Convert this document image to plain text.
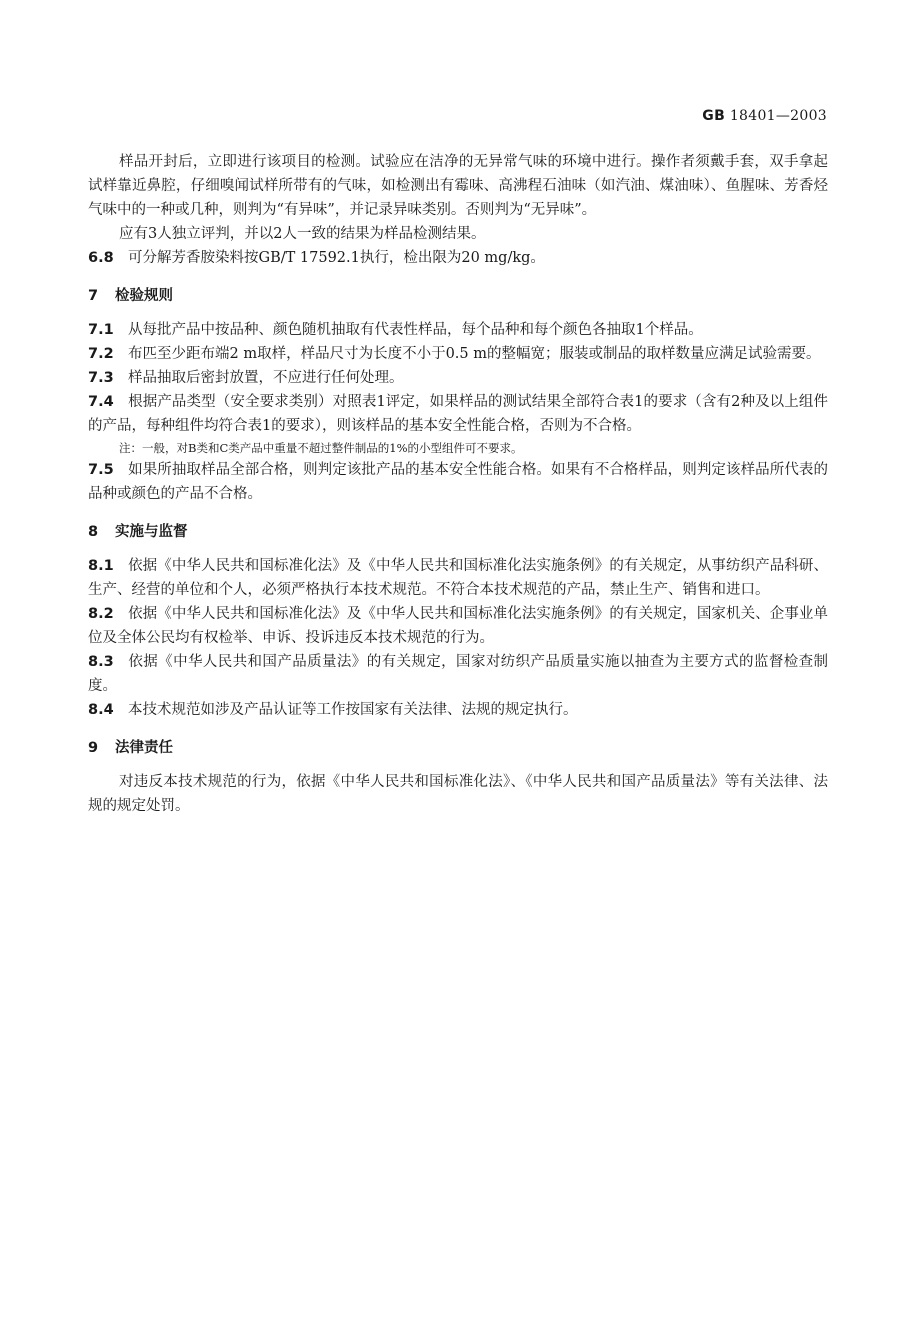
GB 18401—2003

样品开封后，立即进行该项目的检测。试验应在洁净的无异常气味的环境中进行。操作者须戴手套，双手拿起试样靠近鼻腔，仔细嗅闻试样所带有的气味，如检测出有霉味、高沸程石油味（如汽油、煤油味）、鱼腥味、芳香烃气味中的一种或几种，则判为“有异味”，并记录异味类别。否则判为“无异味”。

应有3人独立评判，并以2人一致的结果为样品检测结果。

6.8 可分解芳香胺染料按GB/T 17592.1执行，检出限为20 mg/kg。

7 检验规则

7.1 从每批产品中按品种、颜色随机抽取有代表性样品，每个品种和每个颜色各抽取1个样品。

7.2 布匹至少距布端2 m取样，样品尺寸为长度不小于0.5 m的整幅宽；服装或制品的取样数量应满足试验需要。

7.3 样品抽取后密封放置，不应进行任何处理。

7.4 根据产品类型（安全要求类别）对照表1评定，如果样品的测试结果全部符合表1的要求（含有2种及以上组件的产品，每种组件均符合表1的要求），则该样品的基本安全性能合格，否则为不合格。

注：一般，对B类和C类产品中重量不超过整件制品的1%的小型组件可不要求。

7.5 如果所抽取样品全部合格，则判定该批产品的基本安全性能合格。如果有不合格样品，则判定该样品所代表的品种或颜色的产品不合格。

8 实施与监督

8.1 依据《中华人民共和国标准化法》及《中华人民共和国标准化法实施条例》的有关规定，从事纺织产品科研、生产、经营的单位和个人，必须严格执行本技术规范。不符合本技术规范的产品，禁止生产、销售和进口。

8.2 依据《中华人民共和国标准化法》及《中华人民共和国标准化法实施条例》的有关规定，国家机关、企事业单位及全体公民均有权检举、申诉、投诉违反本技术规范的行为。

8.3 依据《中华人民共和国产品质量法》的有关规定，国家对纺织产品质量实施以抽查为主要方式的监督检查制度。

8.4 本技术规范如涉及产品认证等工作按国家有关法律、法规的规定执行。

9 法律责任

对违反本技术规范的行为，依据《中华人民共和国标准化法》、《中华人民共和国产品质量法》等有关法律、法规的规定处罚。
